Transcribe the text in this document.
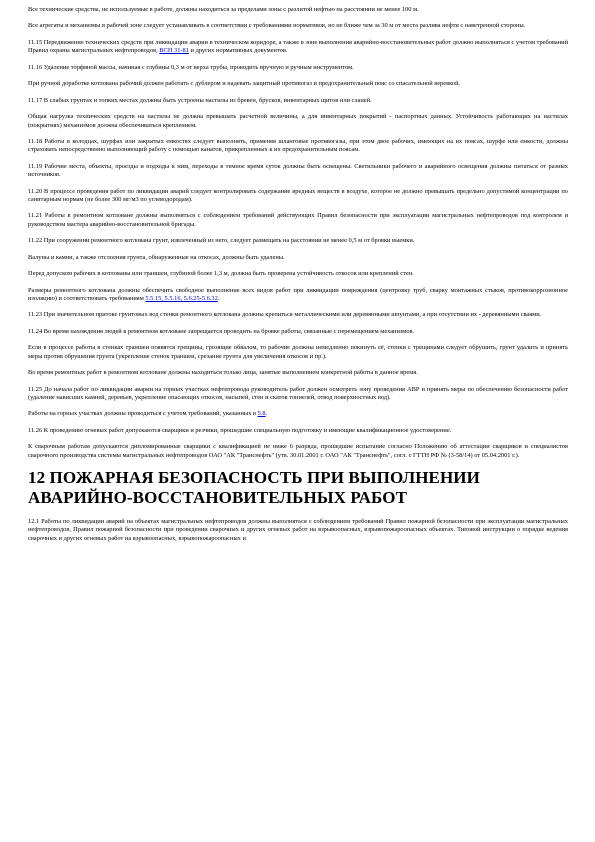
Все технические средства, не используемые в работе, должны находиться за пределами зоны с разлитой нефтью на расстоянии не менее 100 м.

Все агрегаты и механизмы в рабочей зоне следует устанавливать в соответствии с требованиями нормативов, но не ближе чем за 30 м от места разлива нефти с наветренной стороны.

11.15 Передвижение технических средств при ликвидации аварии в техническом коридоре, а также в зоне выполнения аварийно-восстановительных работ должно выполняться с учетом требований Правил охраны магистральных нефтепроводов, ВСН 31-81 и других нормативных документов.

11.16 Удаление торфяной массы, начиная с глубины 0,3 м от верха трубы, проводить вручную и ручным инструментом.

При ручной доработке котлована рабочий должен работать с дублером и надевать защитный противогаз и предохранительный пояс со спасательной веревкой.

11.17 В слабых грунтах и топких местах должны быть устроены настилы из бревен, брусков, инвентарных щитов или сланей.

Общая нагрузка технических средств на настилы не должна превышать расчетной величины, а для инвентарных покрытий - паспортных данных. Устойчивость работающих на настилах (покрытиях) механизмов должна обеспечиваться креплением.

11.18 Работы в колодцах, шурфах или закрытых емкостях следует выполнять, применяя шланговые противогазы, при этом двое рабочих, имеющих на их поясах, шурфе или емкости, должны страховать непосредственно выполняющий работу с помощью канатов, прикрепленных к их предохранительным поясам.

11.19 Рабочие места, объекты, проезды и подходы к ним, переходы в темное время суток должны быть освещены. Светильники рабочего и аварийного освещения должны питаться от разных источников.

11.20 В процессе проведения работ по ликвидации аварий следует контролировать содержание вредных веществ в воздухе, которое не должно превышать предельно допустимой концентрации по санитарным нормам (не более 300 мг/м3 по углеводородам).

11.21 Работы в ремонтном котловане должны выполняться с соблюдением требований действующих Правил безопасности при эксплуатации магистральных нефтепроводов под контролем и руководством мастера аварийно-восстановительной бригады.

11.22 При сооружении ремонтного котлована грунт, извлеченный из него, следует размещать на расстоянии не менее 0,5 м от бровки выемки.

Валуны и камни, а также отслоения грунта, обнаруженные на откосах, должны быть удалены.

Перед допуском рабочих в котлованы или траншеи, глубиной более 1,3 м, должна быть проверена устойчивость откосов или креплений стен.

Размеры ремонтного котлована должны обеспечить свободное выполнение всех видов работ при ликвидации повреждения (центровку труб, сварку монтажных стыков, противокоррозионное изоляцию) и соответствовать требованиям 5.5.15, 5.5.16, 5.6.25-5.6.32.

11.23 При значительном притоке грунтовых вод стенки ремонтного котлована должны крепиться металлическими или деревянными шпунтами, а при отсутствии их - деревянными сваями.

11.24 Во время нахождения людей в ремонтном котловане запрещается проводить на бровке работы, связанные с перемещением механизмов.

Если в процессе работы в стенках траншеи появятся трещины, грозящие обвалом, то рабочие должны немедленно покинуть её, стенки с трещинами следует обрушить, грунт удалить и принять меры против обрушения грунта (укрепление стенок траншеи, срезание грунта для увеличения откосов и пр.).

Во время ремонтных работ в ремонтном котловане должны находиться только лица, занятые выполнением конкретной работы в данное время.

11.25 До начала работ по ликвидации аварии на горных участках нефтепровода руководитель работ должен осмотреть зону проведения АВР и принять меры по обеспечению безопасности работ (удаление нависших камней, деревьев, укрепление опасающих откосов, насыпей, стен и скатов тоннелей, отвод поверхностных вод).

Работы на горных участках должны проводиться с учетом требований, указанных в 5.8.

11.26 К проведению огневых работ допускаются сварщики и резчики, прошедшие специальную подготовку и имеющие квалификационное удостоверение.

К сварочным работам допускаются дипломированные сварщики с квалификацией не ниже 6 разряда, прошедшие испытание согласно Положению об аттестации сварщиков и специалистов сварочного производства системы магистральных нефтепроводов ОАО "АК "Транснефть" (утв. 30.01.2001 г. ОАО "АК "Транснефть", согл. с ГТТН РФ № (3-58/14) от 05.04.2001 г.).

12 ПОЖАРНАЯ БЕЗОПАСНОСТЬ ПРИ ВЫПОЛНЕНИИ
АВАРИЙНО-ВОССТАНОВИТЕЛЬНЫХ РАБОТ

12.1 Работы по ликвидации аварий на объектах магистральных нефтепроводов должны выполняться с соблюдением требований Правил пожарной безопасности при эксплуатации магистральных нефтепроводов, Правил пожарной безопасности при проведении сварочных и других огневых работ на взрывоопасных, взрывопожароопасных объектах. Типовой инструкции о порядке ведения сварочных и других огневых работ на взрывоопасных, взрывопожароопасных и
